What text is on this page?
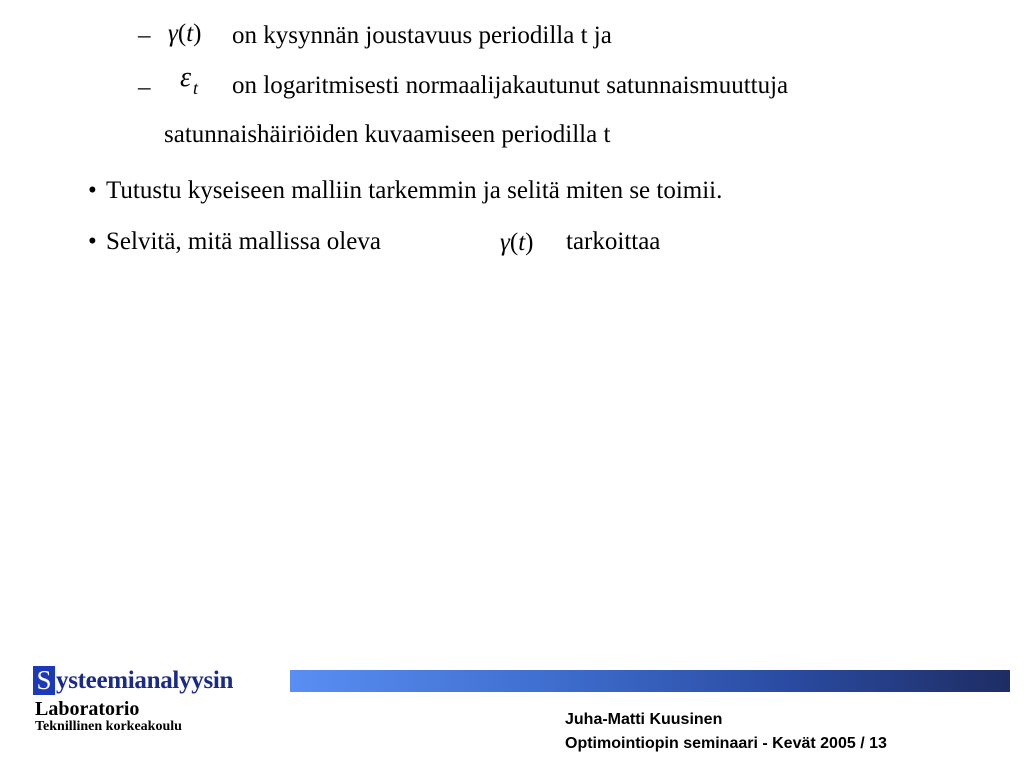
– γ(t) on kysynnän joustavuus periodilla t ja
– εt on logaritmisesti normaalijakautunut satunnaismuuttuja
satunnaishäiriöiden kuvaamiseen periodilla t
• Tutustu kyseiseen malliin tarkemmin ja selitä miten se toimii.
• Selvitä, mitä mallissa oleva	γ(t) tarkoittaa
S ysteemianalyysin
Laboratorio
Teknillinen korkeakoulu	Juha-Matti Kuusinen
Optimointiopin seminaari - Kevät 2005 / 13
